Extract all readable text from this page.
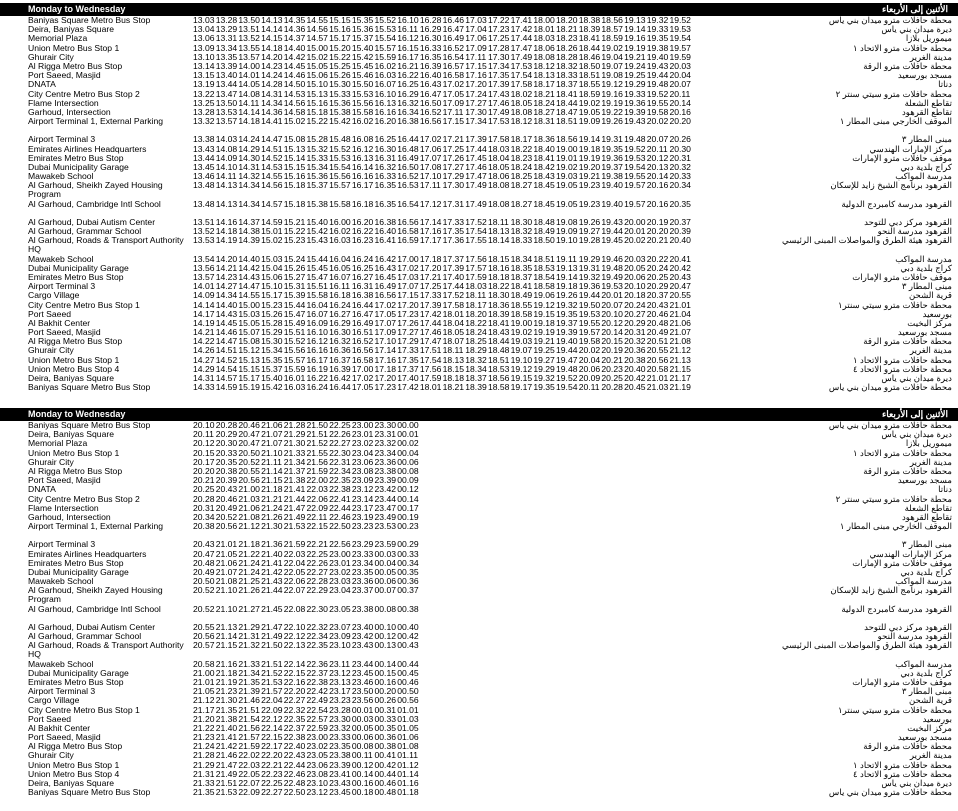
Monday to Wednesday	الأثنين إلى الأربعاء
Baniyas Square Metro Bus Stop	13.03 13.28 13.50 14.13 14.35 14.55 15.15 15.35 15.52 16.10 16.28 16.46 17.03 17.22 17.41 18.00 18.20 18.38 18.56 19.13 19.32 19.52	محطة حافلات مترو ميدان بني ياس
Deira, Baniyas Square	13.04 13.29 13.51 14.14 14.36 14.56 15.16 15.36 15.53 16.11 16.29 16.47 17.04 17.23 17.42 18.01 18.21 18.39 18.57 19.14 19.33 19.53	ديرة ميدان بني ياس
Memorial Plaza	13.06 13.31 13.52 14.15 14.37 14.57 15.17 15.37 15.54 16.12 16.30 16.49 17.06 17.25 17.44 18.03 18.23 18.41 18.59 19.16 19.35 19.54	ميموريل بلازا
Union Metro Bus Stop 1	13.09 13.34 13.55 14.18 14.40 15.00 15.20 15.40 15.57 16.15 16.33 16.52 17.09 17.28 17.47 18.06 18.26 18.44 19.02 19.19 19.38 19.57	محطة حافلات مترو الاتحاد ١
Ghurair City	13.10 13.35 13.57 14.20 14.42 15.02 15.22 15.42 15.59 16.17 16.35 16.54 17.11 17.30 17.49 18.08 18.28 18.46 19.04 19.21 19.40 19.59	مدينة الغرير
Al Rigga Metro Bus Stop	13.14 13.39 14.00 14.23 14.45 15.05 15.25 15.45 16.02 16.21 16.39 16.57 17.15 17.34 17.53 18.12 18.32 18.50 19.07 19.24 19.43 20.03	محطة حافلات مترو الرقة
Port Saeed, Masjid	13.15 13.40 14.01 14.24 14.46 15.06 15.26 15.46 16.03 16.22 16.40 16.58 17.16 17.35 17.54 18.13 18.33 18.51 19.08 19.25 19.44 20.04	مسجد بورسعيد
DNATA	13.19 13.44 14.05 14.28 14.50 15.10 15.30 15.50 16.07 16.25 16.43 17.02 17.20 17.39 17.58 18.17 18.37 18.55 19.12 19.29 19.48 20.07	دناتا
City Centre Metro Bus Stop 2	13.22 13.47 14.08 14.31 14.53 15.13 15.33 15.53 16.10 16.29 16.47 17.05 17.24 17.43 18.02 18.21 18.41 18.59 19.16 19.33 19.52 20.11	محطة حافلات مترو سيتي سنتر ٢
Flame Intersection	13.25 13.50 14.11 14.34 14.56 15.16 15.36 15.56 16.13 16.32 16.50 17.09 17.27 17.46 18.05 18.24 18.44 19.02 19.19 19.36 19.55 20.14	تقاطع الشعلة
Garhoud, Intersection	13.28 13.53 14.14 14.36 14.58 15.18 15.38 15.58 16.16 16.34 16.52 17.11 17.30 17.49 18.08 18.27 18.47 19.05 19.22 19.39 19.58 20.16	تقاطع القرهود
Airport Terminal 1, External Parking	13.32 13.57 14.18 14.41 15.02 15.22 15.42 16.02 16.20 16.38 16.56 17.15 17.34 17.53 18.12 18.31 18.51 19.09 19.26 19.43 20.02 20.20	الموقف الخارجي مبنى المطار ١
Airport Terminal 3	13.38 14.03 14.24 14.47 15.08 15.28 15.48 16.08 16.25 16.44 17.02 17.21 17.39 17.58 18.17 18.36 18.56 19.14 19.31 19.48 20.07 20.26	مبنى المطار ٣
Emirates Airlines Headquarters	13.43 14.08 14.29 14.51 15.13 15.32 15.52 16.12 16.30 16.48 17.06 17.25 17.44 18.03 18.22 18.40 19.00 19.18 19.35 19.52 20.11 20.30	مركز الإمارات الهندسي
Emirates Metro Bus Stop	13.44 14.09 14.30 14.52 15.14 15.33 15.53 16.13 16.31 16.49 17.07 17.26 17.45 18.04 18.23 18.41 19.01 19.19 19.36 19.53 20.12 20.31	موقف حافلات مترو الإمارات
Dubai Municipality Garage	13.45 14.10 14.31 14.53 15.15 15.34 15.54 16.14 16.32 16.50 17.08 17.27 17.46 18.05 18.24 18.42 19.02 19.20 19.37 19.54 20.13 20.32	كراج بلدية دبي
Mawakeb School	13.46 14.11 14.32 14.55 15.16 15.36 15.56 16.16 16.33 16.52 17.10 17.29 17.47 18.06 18.25 18.43 19.03 19.21 19.38 19.55 20.14 20.33	مدرسة المواكب
Al Garhoud, Sheikh Zayed Housing Program
13.48 14.13 14.34 14.56 15.18 15.37 15.57 16.17 16.35 16.53 17.11 17.30 17.49 18.08 18.27 18.45 19.05 19.23 19.40 19.57 20.16 20.34	القرهود برنامج الشيخ زايد للإسكان
Al Garhoud, Cambridge Intl School	13.48 14.13 14.34 14.57 15.18 15.38 15.58 16.18 16.35 16.54 17.12 17.31 17.49 18.08 18.27 18.45 19.05 19.23 19.40 19.57 20.16 20.35	القرهود مدرسة كامبردج الدولية
Al Garhoud, Dubai Autism Center	13.51 14.16 14.37 14.59 15.21 15.40 16.00 16.20 16.38 16.56 17.14 17.33 17.52 18.11 18.30 18.48 19.08 19.26 19.43 20.00 20.19 20.37	القرهود مركز دبي للتوحد
Al Garhoud, Grammar School	13.52 14.18 14.38 15.01 15.22 15.42 16.02 16.22 16.40 16.58 17.16 17.35 17.54 18.13 18.32 18.49 19.09 19.27 19.44 20.01 20.20 20.39	القرهود مدرسة النحو
Al Garhoud, Roads & Transport Authority HQ
13.53 14.19 14.39 15.02 15.23 15.43 16.03 16.23 16.41 16.59 17.17 17.36 17.55 18.14 18.33 18.50 19.10 19.28 19.45 20.02 20.21 20.40	القرهود هيئة الطرق والمواصلات المبنى الرئيسي
Mawakeb School	13.54 14.20 14.40 15.03 15.24 15.44 16.04 16.24 16.42 17.00 17.18 17.37 17.56 18.15 18.34 18.51 19.11 19.29 19.46 20.03 20.22 20.41	مدرسة المواكب
Dubai Municipality Garage	13.56 14.21 14.42 15.04 15.26 15.45 16.05 16.25 16.43 17.02 17.20 17.39 17.57 18.16 18.35 18.53 19.13 19.31 19.48 20.05 20.24 20.42	كراج بلدية دبي
Emirates Metro Bus Stop	13.57 14.23 14.43 15.06 15.27 15.47 16.07 16.27 16.45 17.03 17.21 17.40 17.59 18.18 18.37 18.54 19.14 19.32 19.49 20.06 20.25 20.43	موقف حافلات مترو الإمارات
Airport Terminal 3	14.01 14.27 14.47 15.10 15.31 15.51 16.11 16.31 16.49 17.07 17.25 17.44 18.03 18.22 18.41 18.58 19.18 19.36 19.53 20.10 20.29 20.47	مبنى المطار ٣
Cargo Village	14.09 14.34 14.55 15.17 15.39 15.58 16.18 16.38 16.56 17.15 17.33 17.52 18.11 18.30 18.49 19.06 19.26 19.44 20.01 20.18 20.37 20.55	قرية الشحن
City Centre Metro Bus Stop 1	14.14 14.40 15.00 15.23 15.44 16.04 16.24 16.44 17.02 17.20 17.39 17.58 18.17 18.36 18.55 19.12 19.32 19.50 20.07 20.24 20.43 21.01	محطة حافلات مترو سيتي سنتر١
Port Saeed	14.17 14.43 15.03 15.26 15.47 16.07 16.27 16.47 17.05 17.23 17.42 18.01 18.20 18.39 18.58 19.15 19.35 19.53 20.10 20.27 20.46 21.04	بورسعيد
Al Bakhit Center	14.19 14.45 15.05 15.28 15.49 16.09 16.29 16.49 17.07 17.26 17.44 18.04 18.22 18.41 19.00 19.18 19.37 19.55 20.12 20.29 20.48 21.06	مركز البخيت
Port Saeed, Masjid	14.21 14.46 15.07 15.29 15.51 16.10 16.30 16.51 17.09 17.27 17.46 18.05 18.24 18.43 19.02 19.19 19.39 19.57 20.14 20.31 20.49 21.07	مسجد بورسعيد
Al Rigga Metro Bus Stop	14.22 14.47 15.08 15.30 15.52 16.12 16.32 16.52 17.10 17.29 17.47 18.07 18.25 18.44 19.03 19.21 19.40 19.58 20.15 20.32 20.51 21.08	محطة حافلات مترو الرقة
Ghurair City	14.26 14.51 15.12 15.34 15.56 16.16 16.36 16.56 17.14 17.33 17.51 18.11 18.29 18.48 19.07 19.25 19.44 20.02 20.19 20.36 20.55 21.12	مدينة الغرير
Union Metro Bus Stop 1	14.27 14.52 15.13 15.35 15.57 16.17 16.37 16.58 17.16 17.35 17.54 18.13 18.32 18.51 19.10 19.27 19.47 20.04 20.21 20.38 20.56 21.13	محطة حافلات مترو الاتحاد ١
Union Metro Bus Stop 4	14.29 14.54 15.15 15.37 15.59 16.19 16.39 17.00 17.18 17.37 17.56 18.15 18.34 18.53 19.12 19.29 19.48 20.06 20.23 20.40 20.58 21.15	محطة حافلات مترو الاتحاد ٤
Deira, Baniyas Square	14.31 14.57 15.17 15.40 16.01 16.22 16.42 17.02 17.20 17.40 17.59 18.18 18.37 18.56 19.15 19.32 19.52 20.09 20.25 20.42 21.01 21.17	ديرة ميدان بني ياس
Baniyas Square Metro Bus Stop	14.33 14.59 15.19 15.42 16.03 16.24 16.44 17.05 17.23 17.42 18.01 18.21 18.39 18.58 19.17 19.35 19.54 20.11 20.28 20.45 21.03 21.19	محطة حافلات مترو ميدان بني ياس
Monday to Wednesday	الأثنين إلى الأربعاء
Baniyas Square Metro Bus Stop	20.10 20.28 20.46 21.06 21.28 21.50 22.25 23.00 23.30 00.00	محطة حافلات مترو ميدان بني ياس
Deira, Baniyas Square	20.11 20.29 20.47 21.07 21.29 21.51 22.26 23.01 23.31 00.01	ديرة ميدان بني ياس
Memorial Plaza	20.12 20.30 20.47 21.07 21.30 21.52 22.27 23.02 23.32 00.02	ميموريل بلازا
Union Metro Bus Stop 1	20.15 20.33 20.50 21.10 21.33 21.55 22.30 23.04 23.34 00.04	محطة حافلات مترو الاتحاد ١
Ghurair City	20.17 20.35 20.52 21.11 21.34 21.56 22.31 23.06 23.36 00.06	مدينة الغرير
Al Rigga Metro Bus Stop	20.20 20.38 20.55 21.14 21.37 21.59 22.34 23.08 23.38 00.08	محطة حافلات مترو الرقة
Port Saeed, Masjid	20.21 20.39 20.56 21.15 21.38 22.00 22.35 23.09 23.39 00.09	مسجد بورسعيد
DNATA	20.25 20.43 21.00 21.18 21.41 22.03 22.38 23.12 23.42 00.12	دناتا
City Centre Metro Bus Stop 2	20.28 20.46 21.03 21.21 21.44 22.06 22.41 23.14 23.44 00.14	محطة حافلات مترو سيتي سنتر ٢
Flame Intersection	20.31 20.49 21.06 21.24 21.47 22.09 22.44 23.17 23.47 00.17	تقاطع الشعلة
Garhoud, Intersection	20.34 20.52 21.08 21.26 21.49 22.11 22.46 23.19 23.49 00.19	تقاطع القرهود
Airport Terminal 1, External Parking	20.38 20.56 21.12 21.30 21.53 22.15 22.50 23.23 23.53 00.23	الموقف الخارجي مبنى المطار ١
Airport Terminal 3	20.43 21.01 21.18 21.36 21.59 22.21 22.56 23.29 23.59 00.29	مبنى المطار ٣
Emirates Airlines Headquarters	20.47 21.05 21.22 21.40 22.03 22.25 23.00 23.33 00.03 00.33	مركز الإمارات الهندسي
Emirates Metro Bus Stop	20.48 21.06 21.24 21.41 22.04 22.26 23.01 23.34 00.04 00.34	موقف حافلات مترو الإمارات
Dubai Municipality Garage	20.49 21.07 21.24 21.42 22.05 22.27 23.02 23.35 00.05 00.35	كراج بلدية دبي
Mawakeb School	20.50 21.08 21.25 21.43 22.06 22.28 23.03 23.36 00.06 00.36	مدرسة المواكب
Al Garhoud, Sheikh Zayed Housing Program
20.52 21.10 21.26 21.44 22.07 22.29 23.04 23.37 00.07 00.37	القرهود برنامج الشيخ زايد للإسكان
Al Garhoud, Cambridge Intl School	20.52 21.10 21.27 21.45 22.08 22.30 23.05 23.38 00.08 00.38	القرهود مدرسة كامبردج الدولية
Al Garhoud, Dubai Autism Center	20.55 21.13 21.29 21.47 22.10 22.32 23.07 23.40 00.10 00.40	القرهود مركز دبي للتوحد
Al Garhoud, Grammar School	20.56 21.14 21.31 21.49 22.12 22.34 23.09 23.42 00.12 00.42	القرهود مدرسة النحو
Al Garhoud, Roads & Transport Authority HQ
20.57 21.15 21.32 21.50 22.13 22.35 23.10 23.43 00.13 00.43	القرهود هيئة الطرق والمواصلات المبنى الرئيسي
Mawakeb School	20.58 21.16 21.33 21.51 22.14 22.36 23.11 23.44 00.14 00.44	مدرسة المواكب
Dubai Municipality Garage	21.00 21.18 21.34 21.52 22.15 22.37 23.12 23.45 00.15 00.45	كراج بلدية دبي
Emirates Metro Bus Stop	21.01 21.19 21.35 21.53 22.16 22.38 23.13 23.46 00.16 00.46	موقف حافلات مترو الإمارات
Airport Terminal 3	21.05 21.23 21.39 21.57 22.20 22.42 23.17 23.50 00.20 00.50	مبنى المطار ٣
Cargo Village	21.12 21.30 21.46 22.04 22.27 22.49 23.23 23.56 00.26 00.56	قرية الشحن
City Centre Metro Bus Stop 1	21.17 21.35 21.51 22.09 22.32 22.54 23.28 00.01 00.31 01.01	محطة حافلات مترو سيتي سنتر١
Port Saeed	21.20 21.38 21.54 22.12 22.35 22.57 23.30 00.03 00.33 01.03	بورسعيد
Al Bakhit Center	21.22 21.40 21.56 22.14 22.37 22.59 23.32 00.05 00.35 01.05	مركز البخيت
Port Saeed, Masjid	21.23 21.41 21.57 22.15 22.38 23.00 23.33 00.06 00.36 01.06	مسجد بورسعيد
Al Rigga Metro Bus Stop	21.24 21.42 21.59 22.17 22.40 23.02 23.35 00.08 00.38 01.08	محطة حافلات مترو الرقة
Ghurair City	21.28 21.46 22.02 22.20 22.43 23.05 23.38 00.11 00.41 01.11	مدينة الغرير
Union Metro Bus Stop 1	21.29 21.47 22.03 22.21 22.44 23.06 23.39 00.12 00.42 01.12	محطة حافلات مترو الاتحاد ١
Union Metro Bus Stop 4	21.31 21.49 22.05 22.23 22.46 23.08 23.41 00.14 00.44 01.14	محطة حافلات مترو الاتحاد ٤
Deira, Baniyas Square	21.33 21.51 22.07 22.25 22.48 23.10 23.43 00.16 00.46 01.16	ديرة ميدان بني ياس
Baniyas Square Metro Bus Stop	21.35 21.53 22.09 22.27 22.50 23.12 23.45 00.18 00.48 01.18	محطة حافلات مترو ميدان بني ياس
